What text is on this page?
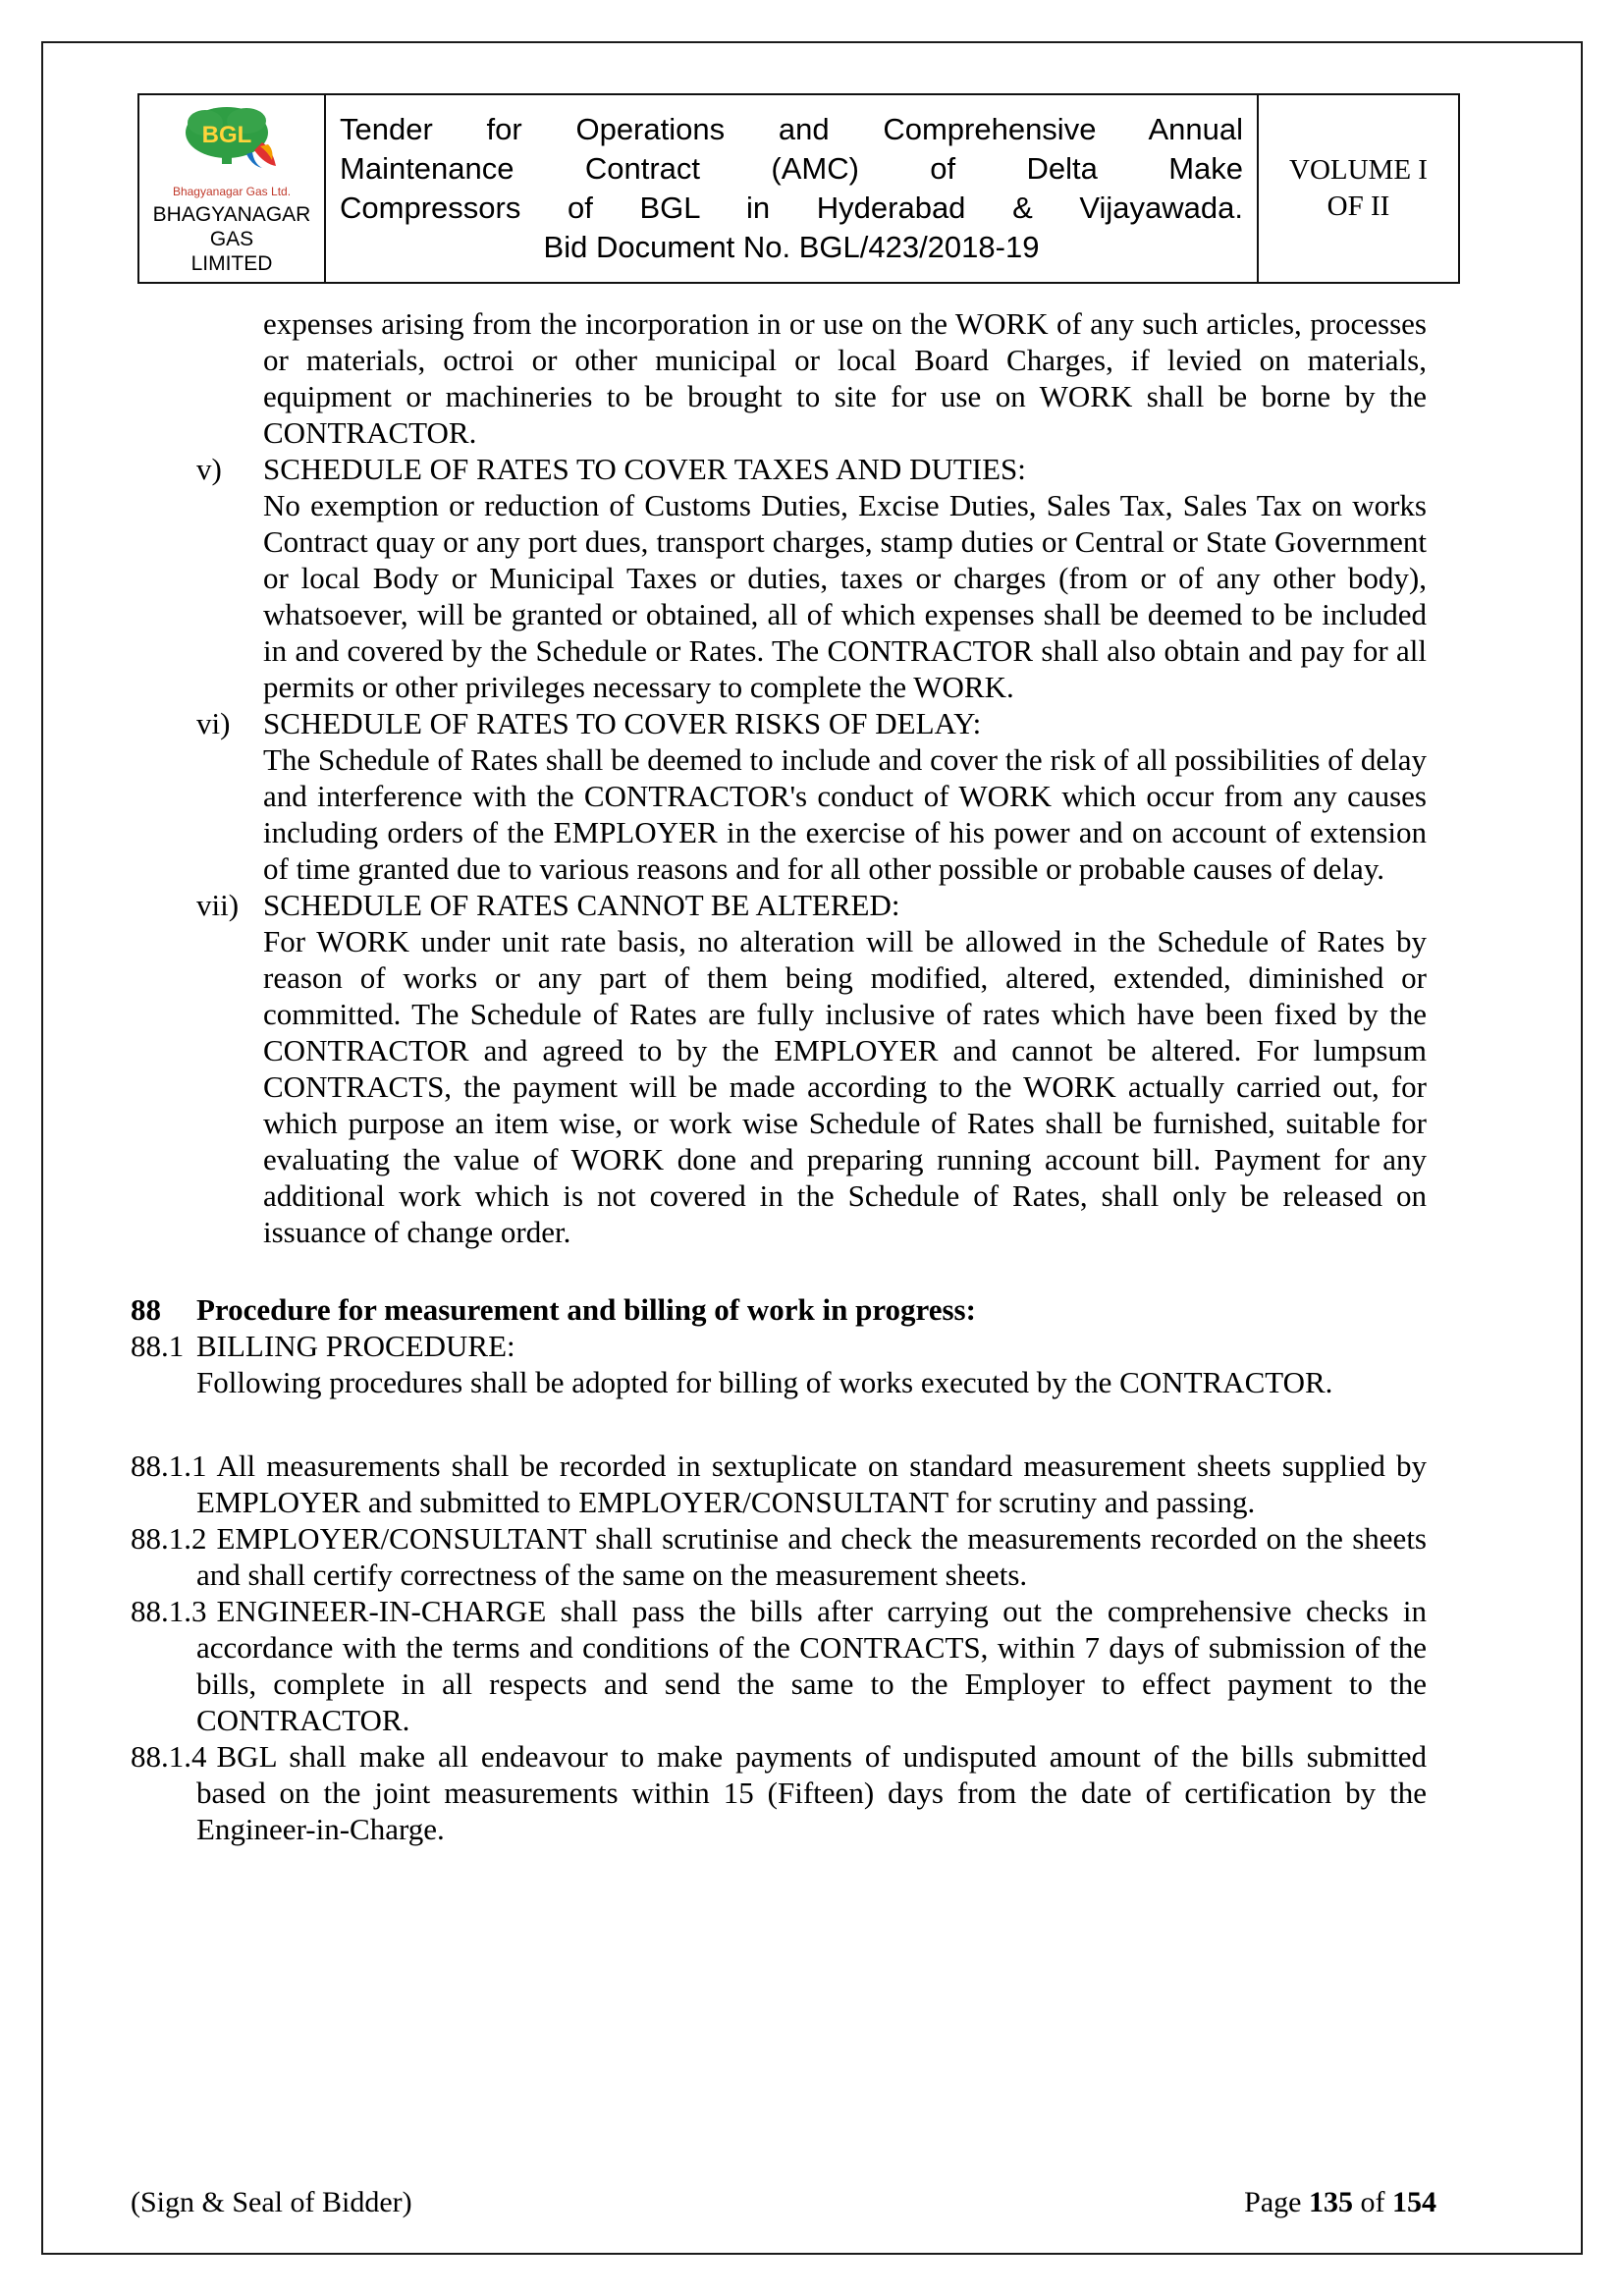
BGL
Bhagyanagar Gas Ltd.
BHAGYANAGAR GAS
LIMITED

Tender for Operations and Comprehensive Annual
Maintenance Contract (AMC) of Delta Make
Compressors of BGL in Hyderabad & Vijayawada.
Bid Document No. BGL/423/2018-19

VOLUME I
OF II

expenses arising from the incorporation in or use on the WORK of any such articles, processes or materials, octroi or other municipal or local Board Charges, if levied on materials, equipment or machineries to be brought to site for use on WORK shall be borne by the CONTRACTOR.

v) SCHEDULE OF RATES TO COVER TAXES AND DUTIES:

No exemption or reduction of Customs Duties, Excise Duties, Sales Tax, Sales Tax on works Contract quay or any port dues, transport charges, stamp duties or Central or State Government or local Body or Municipal Taxes or duties, taxes or charges (from or of any other body), whatsoever, will be granted or obtained, all of which expenses shall be deemed to be included in and covered by the Schedule or Rates. The CONTRACTOR shall also obtain and pay for all permits or other privileges necessary to complete the WORK.

vi) SCHEDULE OF RATES TO COVER RISKS OF DELAY:

The Schedule of Rates shall be deemed to include and cover the risk of all possibilities of delay and interference with the CONTRACTOR's conduct of WORK which occur from any causes including orders of the EMPLOYER in the exercise of his power and on account of extension of time granted due to various reasons and for all other possible or probable causes of delay.

vii) SCHEDULE OF RATES CANNOT BE ALTERED:

For WORK under unit rate basis, no alteration will be allowed in the Schedule of Rates by reason of works or any part of them being modified, altered, extended, diminished or committed. The Schedule of Rates are fully inclusive of rates which have been fixed by the CONTRACTOR and agreed to by the EMPLOYER and cannot be altered. For lumpsum CONTRACTS, the payment will be made according to the WORK actually carried out, for which purpose an item wise, or work wise Schedule of Rates shall be furnished, suitable for evaluating the value of WORK done and preparing running account bill. Payment for any additional work which is not covered in the Schedule of Rates, shall only be released on issuance of change order.

88 Procedure for measurement and billing of work in progress:
88.1 BILLING PROCEDURE:

Following procedures shall be adopted for billing of works executed by the CONTRACTOR.

88.1.1 All measurements shall be recorded in sextuplicate on standard measurement sheets supplied by EMPLOYER and submitted to EMPLOYER/CONSULTANT for scrutiny and passing.
88.1.2 EMPLOYER/CONSULTANT shall scrutinise and check the measurements recorded on the sheets and shall certify correctness of the same on the measurement sheets.
88.1.3 ENGINEER-IN-CHARGE shall pass the bills after carrying out the comprehensive checks in accordance with the terms and conditions of the CONTRACTS, within 7 days of submission of the bills, complete in all respects and send the same to the Employer to effect payment to the CONTRACTOR.
88.1.4 BGL shall make all endeavour to make payments of undisputed amount of the bills submitted based on the joint measurements within 15 (Fifteen) days from the date of certification by the Engineer-in-Charge.
(Sign & Seal of Bidder)	Page 135 of 154
